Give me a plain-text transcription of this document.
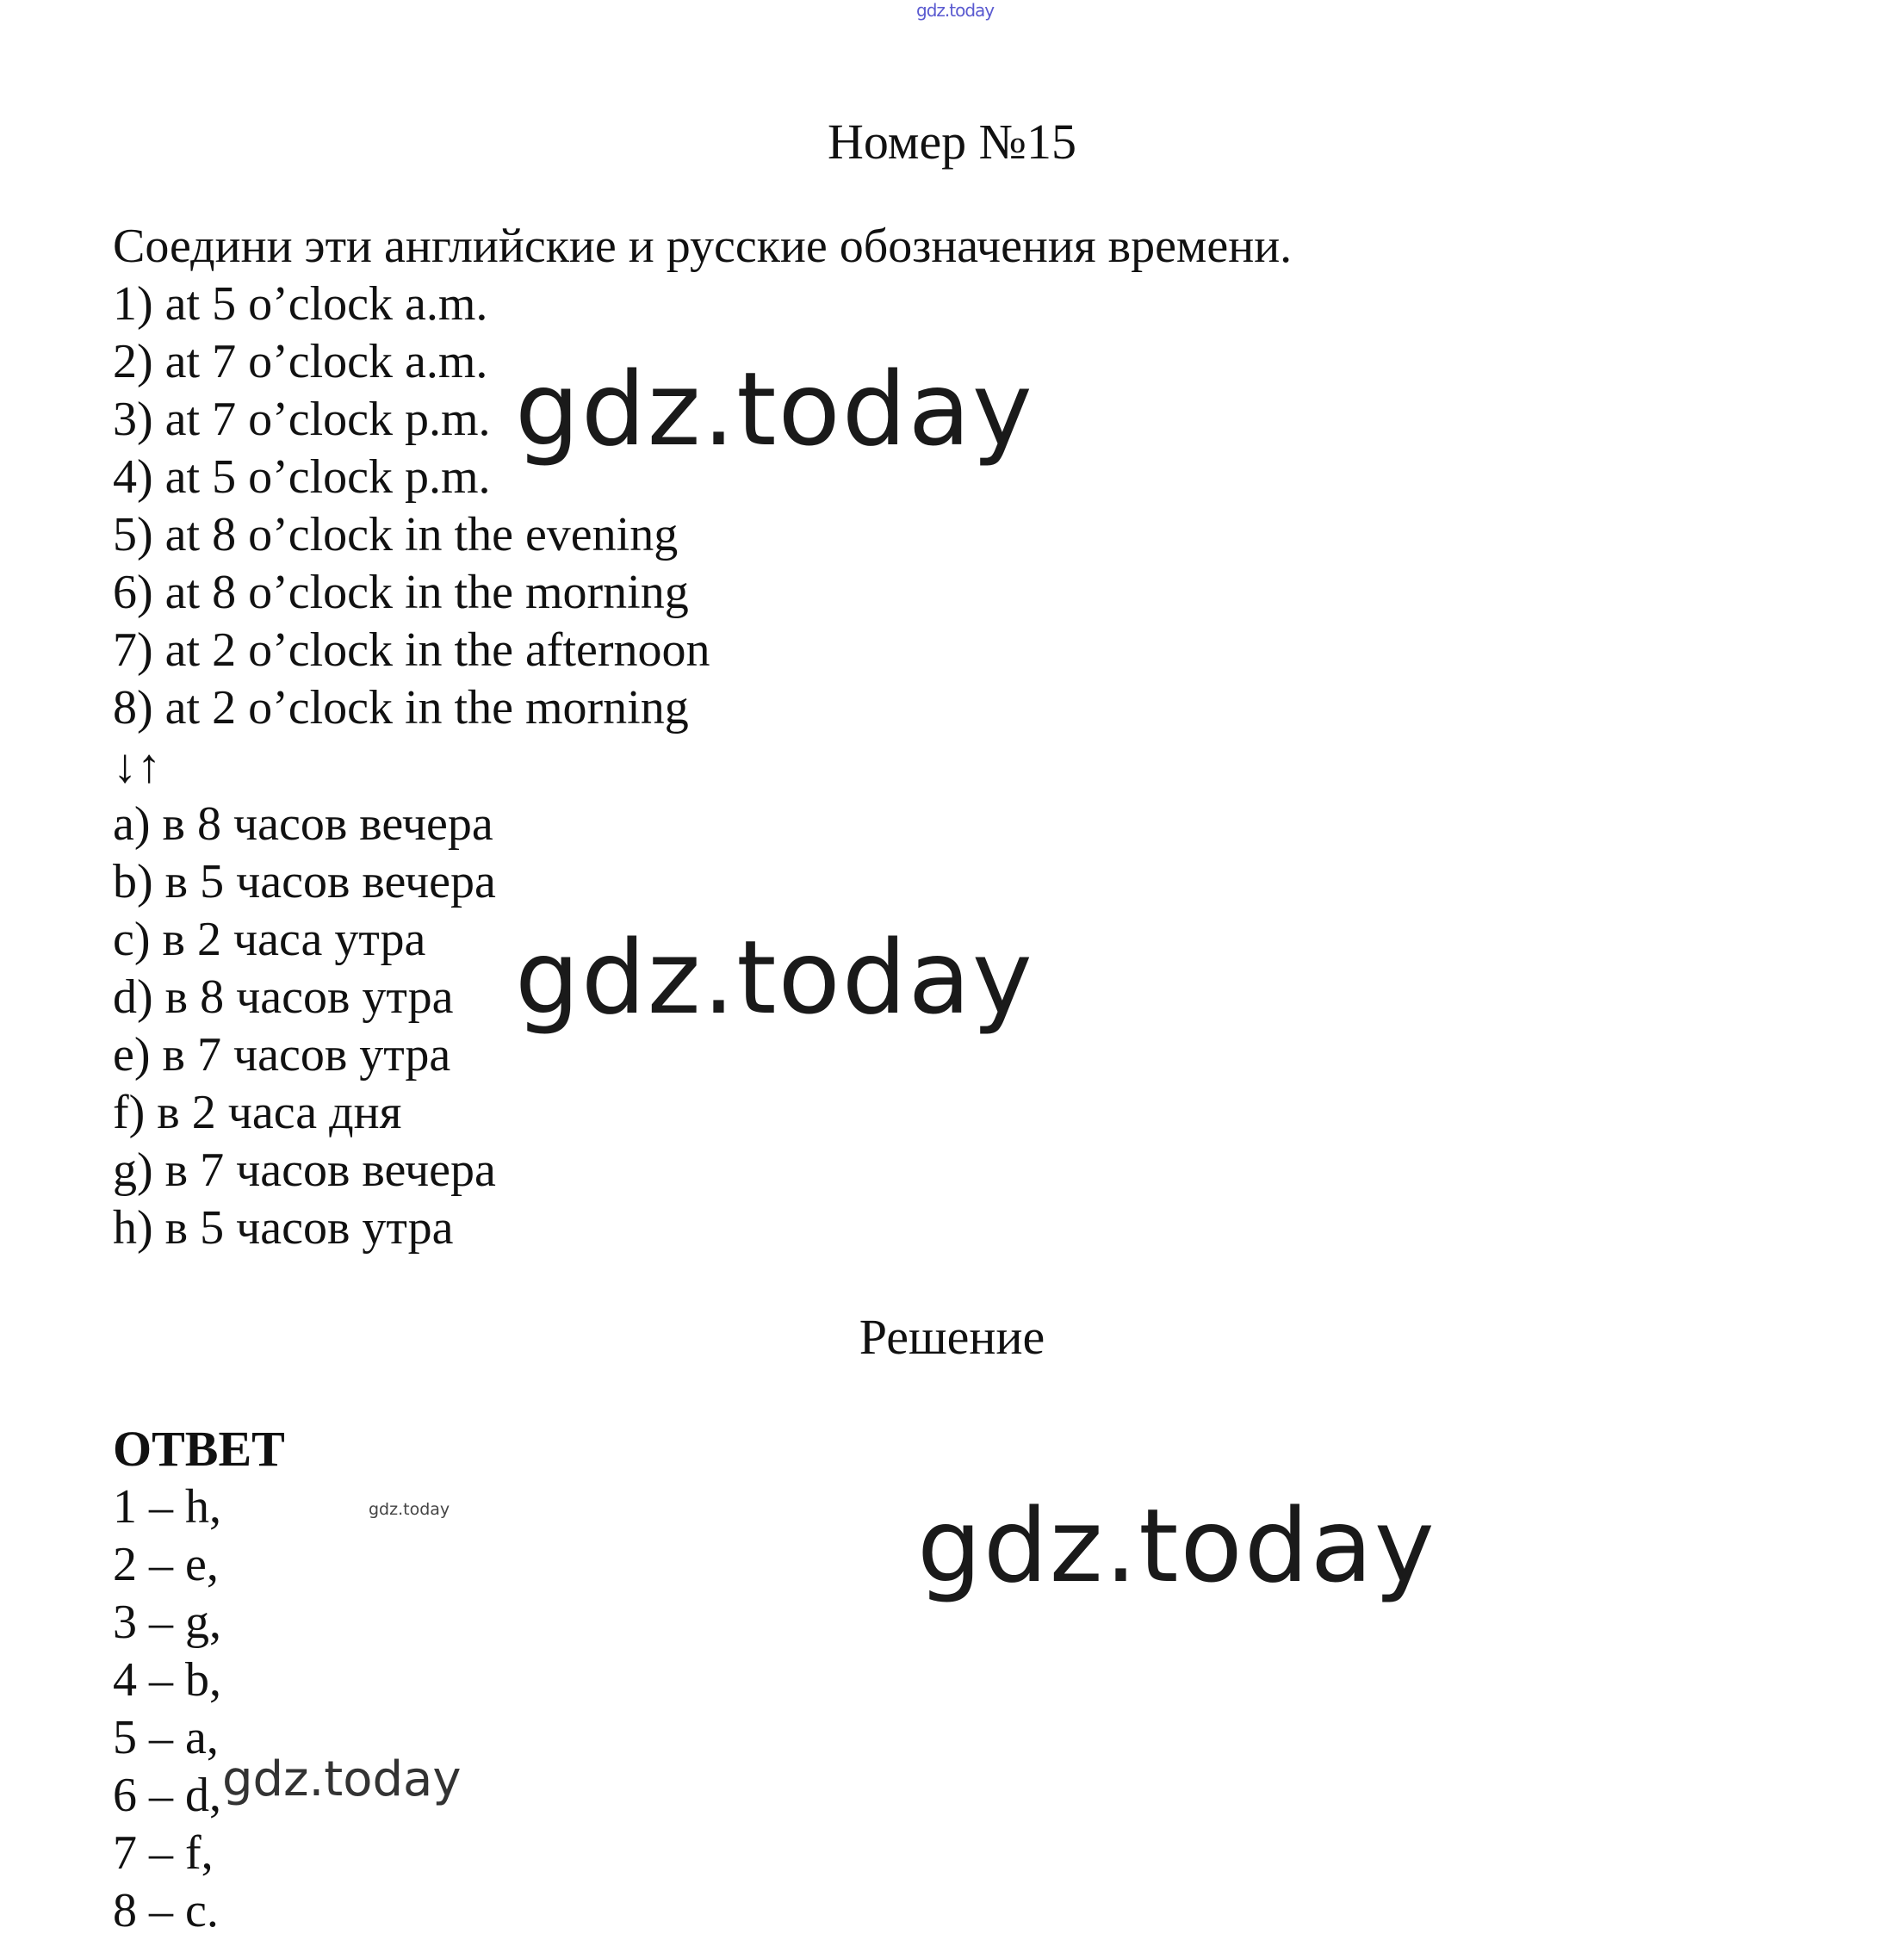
gdz.today
Номер №15
Соедини эти английские и русские обозначения времени.
1) at 5 o’clock a.m.
2) at 7 o’clock a.m.
3) at 7 o’clock p.m.
4) at 5 o’clock p.m.
5) at 8 o’clock in the evening
6) at 8 o’clock in the morning
7) at 2 o’clock in the afternoon
8) at 2 o’clock in the morning
↓↑
a) в 8 часов вечера
b) в 5 часов вечера
c) в 2 часа утра
d) в 8 часов утра
e) в 7 часов утра
f) в 2 часа дня
g) в 7 часов вечера
h) в 5 часов утра
Решение
ОТВЕТ
1 – h,
2 – e,
3 – g,
4 – b,
5 – a,
6 – d,
7 – f,
8 – c.
gdz.today
gdz.today
gdz.today
gdz.today
gdz.today
